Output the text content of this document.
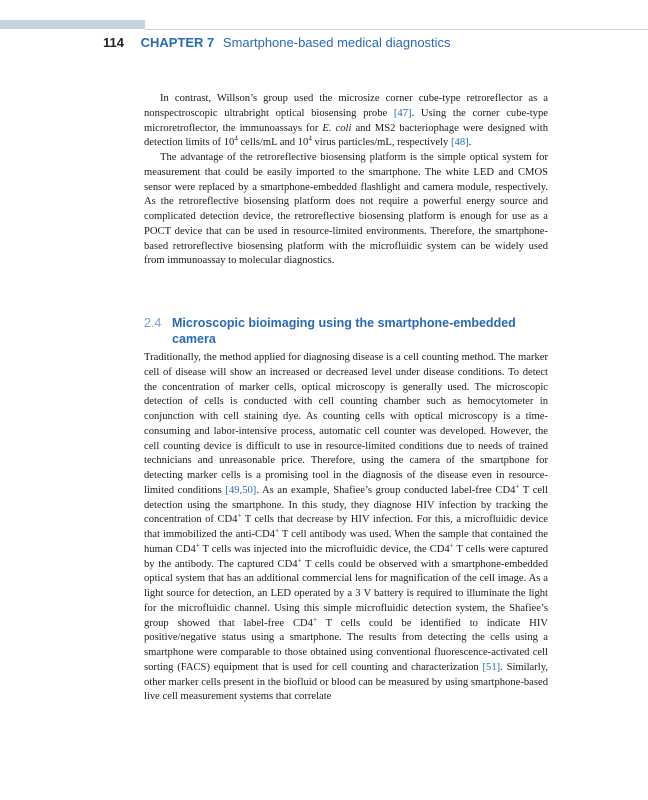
114 CHAPTER 7 Smartphone-based medical diagnostics

In contrast, Willson’s group used the microsize corner cube-type retroreflector as a nonspectroscopic ultrabright optical biosensing probe [47]. Using the corner cube-type microretroflector, the immunoassays for E. coli and MS2 bacteriophage were designed with detection limits of $10^4$ cells/mL and $10^4$ virus particles/mL, respectively [48].

The advantage of the retroreflective biosensing platform is the simple optical system for measurement that could be easily imported to the smartphone. The white LED and CMOS sensor were replaced by a smartphone-embedded flashlight and camera module, respectively. As the retroreflective biosensing platform does not require a powerful energy source and complicated detection device, the retroreflective biosensing platform is enough for use as a POCT device that can be used in resource-limited environments. Therefore, the smartphone-based retroreflective biosensing platform with the microfluidic system can be widely used from immunoassay to molecular diagnostics.

2.4 Microscopic bioimaging using the smartphone-embedded
camera

Traditionally, the method applied for diagnosing disease is a cell counting method. The marker cell of disease will show an increased or decreased level under disease conditions. To detect the concentration of marker cells, optical microscopy is generally used. The microscopic detection of cells is conducted with cell counting chamber such as hemocytometer in conjunction with cell staining dye. As counting cells with optical microscopy is a time-consuming and labor-intensive process, automatic cell counter was developed. However, the cell counting device is difficult to use in resource-limited conditions due to needs of trained technicians and unreasonable price. Therefore, using the camera of the smartphone for detecting marker cells is a promising tool in the diagnosis of the disease even in resource-limited conditions [49,50]. As an example, Shafiee’s group conducted label-free CD4+ T cell detection using the smartphone. In this study, they diagnose HIV infection by tracking the concentration of CD4+ T cells that decrease by HIV infection. For this, a microfluidic device that immobilized the anti-CD4+ T cell antibody was used. When the sample that contained the human CD4+ T cells was injected into the microfluidic device, the CD4+ T cells were captured by the antibody. The captured CD4+ T cells could be observed with a smartphone-embedded optical system that has an additional commercial lens for magnification of the cell image. As a light source for detection, an LED operated by a 3 V battery is required to illuminate the light for the microfluidic channel. Using this simple microfluidic detection system, the Shafiee’s group showed that label-free CD4+ T cells could be identified to indicate HIV positive/negative status using a smartphone. The results from detecting the cells using a smartphone were comparable to those obtained using conventional fluorescence-activated cell sorting (FACS) equipment that is used for cell counting and characterization [51]. Similarly, other marker cells present in the biofluid or blood can be measured by using smartphone-based live cell measurement systems that correlate
